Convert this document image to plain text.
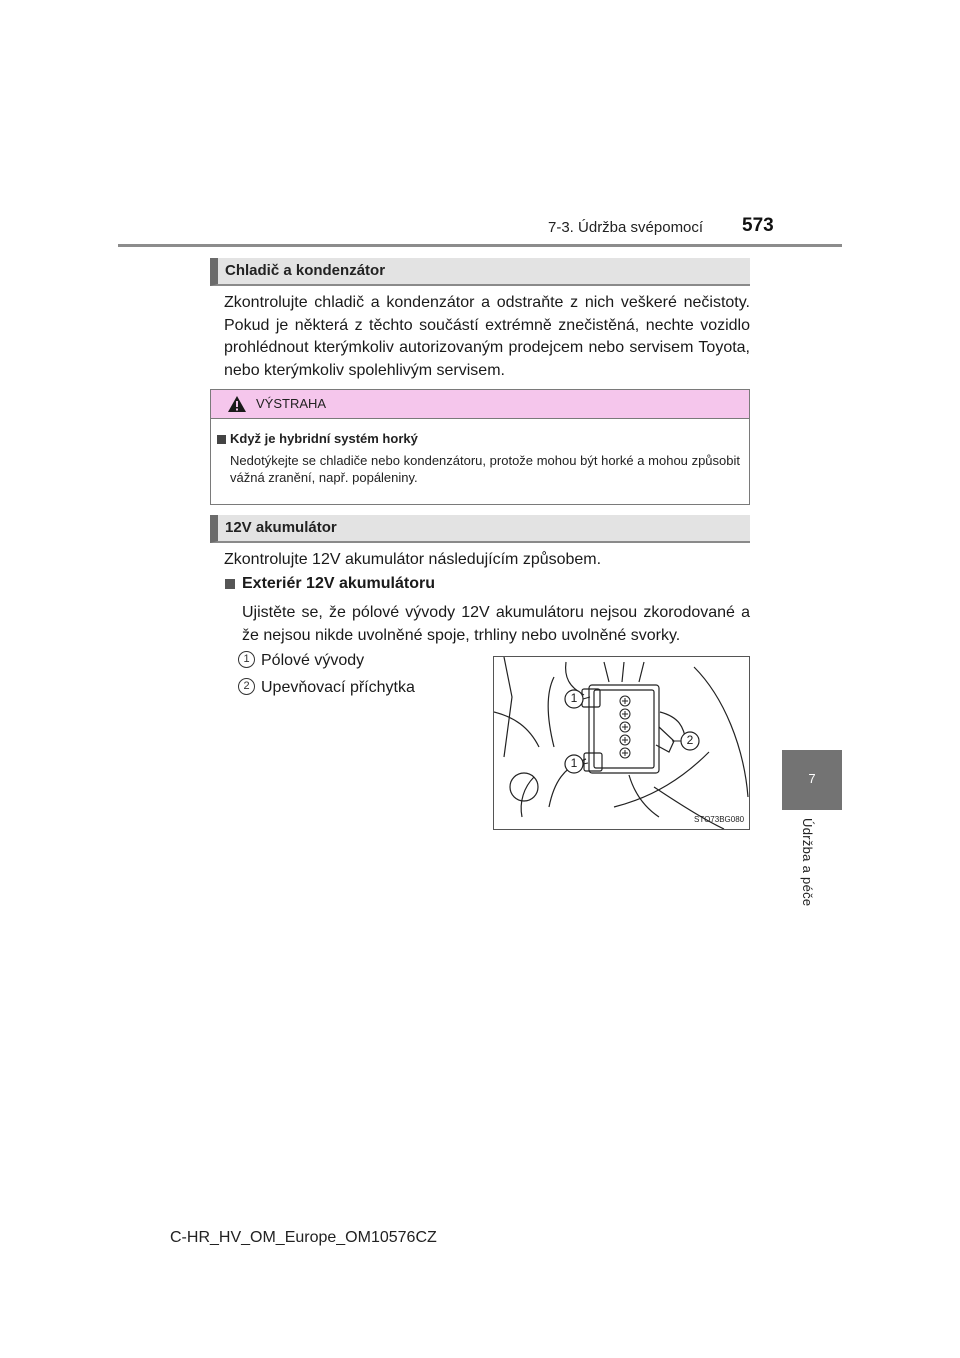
7-3. Údržba svépomocí 573
7
Údržba a péče
Chladič a kondenzátor
Zkontrolujte chladič a kondenzátor a odstraňte z nich veškeré nečistoty. Pokud je některá z těchto součástí extrémně znečistěná, nechte vozidlo prohlédnout kterýmkoliv autorizovaným prodejcem nebo servisem Toyota, nebo kterýmkoliv spolehlivým servisem.
VÝSTRAHA
Když je hybridní systém horký
Nedotýkejte se chladiče nebo kondenzátoru, protože mohou být horké a mohou způsobit vážná zranění, např. popáleniny.
12V akumulátor
Zkontrolujte 12V akumulátor následujícím způsobem.
Exteriér 12V akumulátoru
Ujistěte se, že pólové vývody 12V akumulátoru nejsou zkorodované a že nejsou nikde uvolněné spoje, trhliny nebo uvolněné svorky.
1 Pólové vývody
2 Upevňovací příchytka
1
2
1
STO73BG080
C-HR_HV_OM_Europe_OM10576CZ
